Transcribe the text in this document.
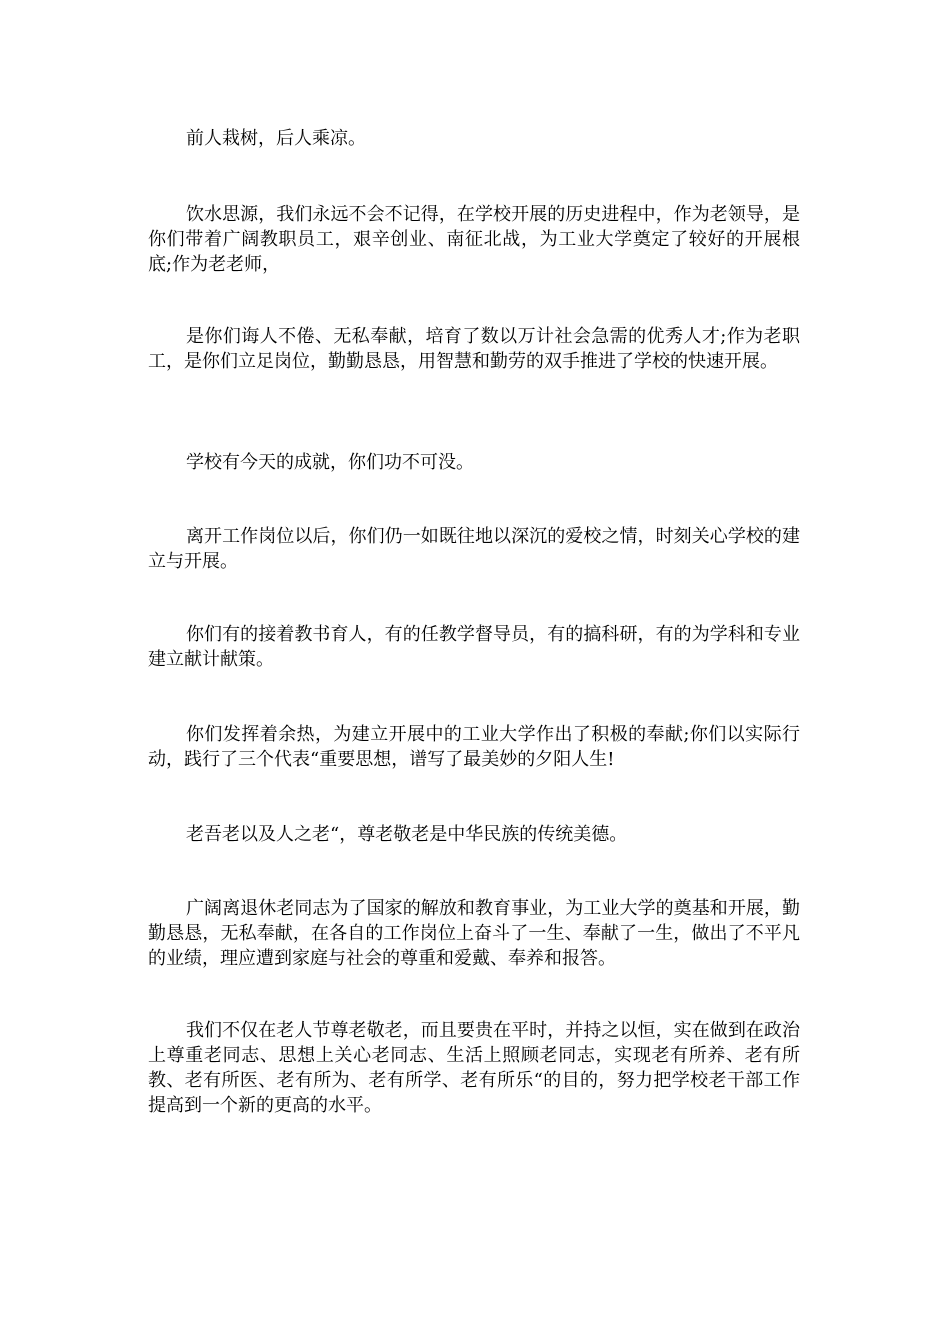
前人栽树，后人乘凉。

饮水思源，我们永远不会不记得，在学校开展的历史进程中，作为老领导，是你们带着广阔教职员工，艰辛创业、南征北战，为工业大学奠定了较好的开展根底;作为老老师，

是你们诲人不倦、无私奉献，培育了数以万计社会急需的优秀人才;作为老职工，是你们立足岗位，勤勤恳恳，用智慧和勤劳的双手推进了学校的快速开展。

学校有今天的成就，你们功不可没。

离开工作岗位以后，你们仍一如既往地以深沉的爱校之情，时刻关心学校的建立与开展。

你们有的接着教书育人，有的任教学督导员，有的搞科研，有的为学科和专业建立献计献策。

你们发挥着余热，为建立开展中的工业大学作出了积极的奉献;你们以实际行动，践行了三个代表“重要思想，谱写了最美妙的夕阳人生!

老吾老以及人之老“，尊老敬老是中华民族的传统美德。

广阔离退休老同志为了国家的解放和教育事业，为工业大学的奠基和开展，勤勤恳恳，无私奉献，在各自的工作岗位上奋斗了一生、奉献了一生，做出了不平凡的业绩，理应遭到家庭与社会的尊重和爱戴、奉养和报答。

我们不仅在老人节尊老敬老，而且要贵在平时，并持之以恒，实在做到在政治上尊重老同志、思想上关心老同志、生活上照顾老同志，实现老有所养、老有所教、老有所医、老有所为、老有所学、老有所乐“的目的，努力把学校老干部工作提高到一个新的更高的水平。
